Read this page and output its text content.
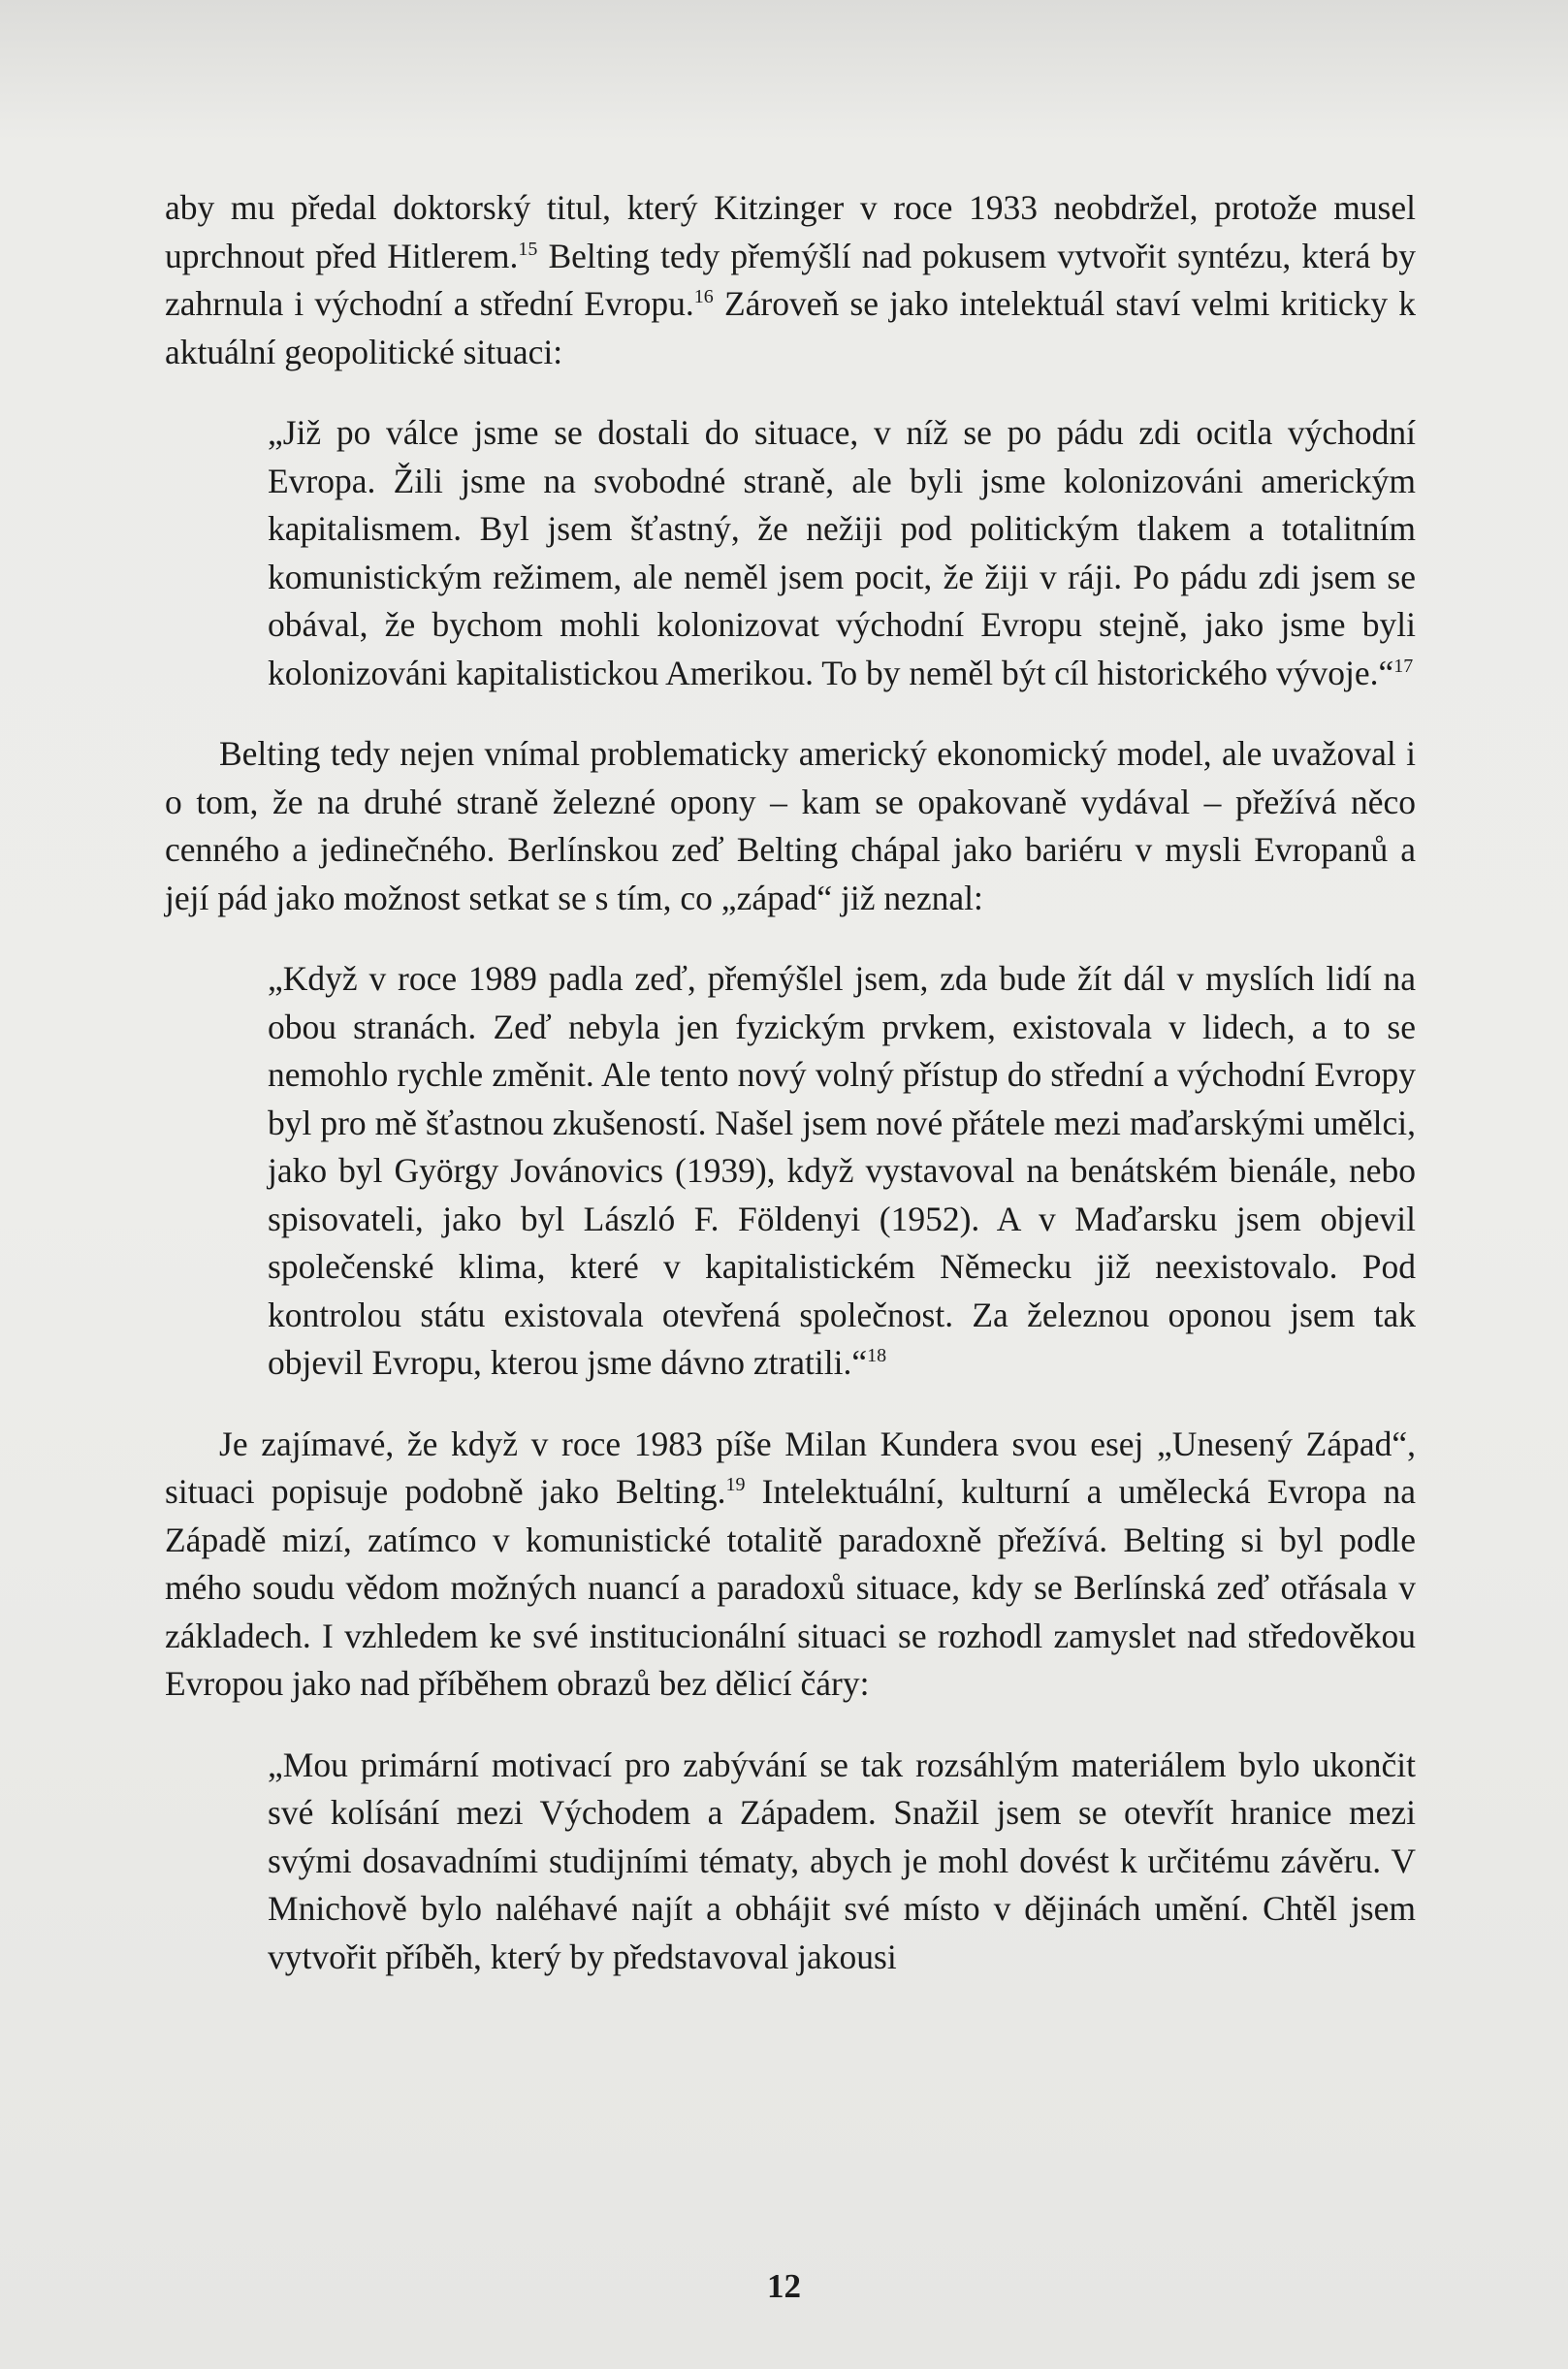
aby mu předal doktorský titul, který Kitzinger v roce 1933 neobdržel, protože musel uprchnout před Hitlerem.$^{15}$ Belting tedy přemýšlí nad pokusem vytvořit syntézu, která by zahrnula i východní a střední Evropu.$^{16}$ Zároveň se jako intelektuál staví velmi kriticky k aktuální geopolitické situaci:

„Již po válce jsme se dostali do situace, v níž se po pádu zdi ocitla východní Evropa. Žili jsme na svobodné straně, ale byli jsme kolonizováni americkým kapitalismem. Byl jsem šťastný, že nežiji pod politickým tlakem a totalitním komunistickým režimem, ale neměl jsem pocit, že žiji v ráji. Po pádu zdi jsem se obával, že bychom mohli kolonizovat východní Evropu stejně, jako jsme byli kolonizováni kapitalistickou Amerikou. To by neměl být cíl historického vývoje.“$^{17}$

Belting tedy nejen vnímal problematicky americký ekonomický model, ale uvažoval i o tom, že na druhé straně železné opony – kam se opakovaně vydával – přežívá něco cenného a jedinečného. Berlínskou zeď Belting chápal jako bariéru v mysli Evropanů a její pád jako možnost setkat se s tím, co „západ“ již neznal:

„Když v roce 1989 padla zeď, přemýšlel jsem, zda bude žít dál v myslích lidí na obou stranách. Zeď nebyla jen fyzickým prvkem, existovala v lidech, a to se nemohlo rychle změnit. Ale tento nový volný přístup do střední a východní Evropy byl pro mě šťastnou zkušeností. Našel jsem nové přátele mezi maďarskými umělci, jako byl György Jovánovics (1939), když vystavoval na benátském bienále, nebo spisovateli, jako byl László F. Földenyi (1952). A v Maďarsku jsem objevil společenské klima, které v kapitalistickém Německu již neexistovalo. Pod kontrolou státu existovala otevřená společnost. Za železnou oponou jsem tak objevil Evropu, kterou jsme dávno ztratili.“$^{18}$

Je zajímavé, že když v roce 1983 píše Milan Kundera svou esej „Unesený Západ“, situaci popisuje podobně jako Belting.$^{19}$ Intelektuální, kulturní a umělecká Evropa na Západě mizí, zatímco v komunistické totalitě paradoxně přežívá. Belting si byl podle mého soudu vědom možných nuancí a paradoxů situace, kdy se Berlínská zeď otřásala v základech. I vzhledem ke své institucionální situaci se rozhodl zamyslet nad středověkou Evropou jako nad příběhem obrazů bez dělicí čáry:

„Mou primární motivací pro zabývání se tak rozsáhlým materiálem bylo ukončit své kolísání mezi Východem a Západem. Snažil jsem se otevřít hranice mezi svými dosavadními studijními tématy, abych je mohl dovést k určitému závěru. V Mnichově bylo naléhavé najít a obhájit své místo v dějinách umění. Chtěl jsem vytvořit příběh, který by představoval jakousi

12
